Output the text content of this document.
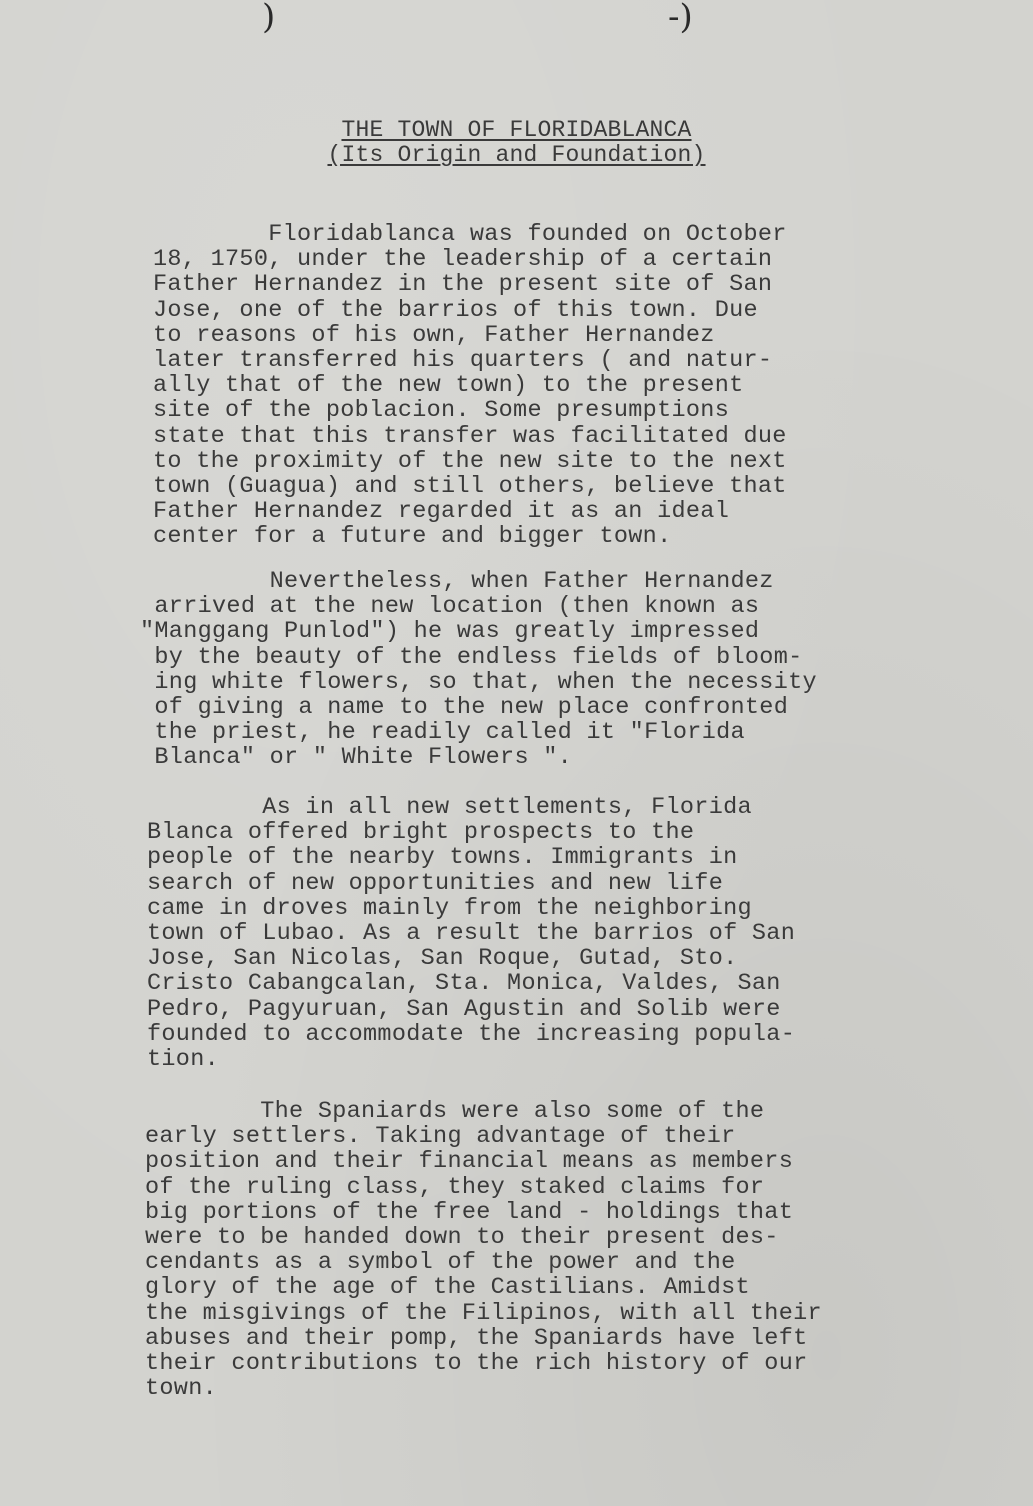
)	‐)
THE TOWN OF FLORIDABLANCA
(Its Origin and Foundation)

Floridablanca was founded on October
18, 1750, under the leadership of a certain
Father Hernandez in the present site of San
Jose, one of the barrios of this town. Due
to reasons of his own, Father Hernandez
later transferred his quarters ( and natur-
ally that of the new town) to the present
site of the poblacion. Some presumptions
state that this transfer was facilitated due
to the proximity of the new site to the next
town (Guagua) and still others, believe that
Father Hernandez regarded it as an ideal
center for a future and bigger town.

Nevertheless, when Father Hernandez
arrived at the new location (then known as
"Manggang Punlod") he was greatly impressed
by the beauty of the endless fields of bloom-
ing white flowers, so that, when the necessity
of giving a name to the new place confronted
the priest, he readily called it "Florida
Blanca" or " White Flowers ".

As in all new settlements, Florida
Blanca offered bright prospects to the
people of the nearby towns. Immigrants in
search of new opportunities and new life
came in droves mainly from the neighboring
town of Lubao. As a result the barrios of San
Jose, San Nicolas, San Roque, Gutad, Sto.
Cristo Cabangcalan, Sta. Monica, Valdes, San
Pedro, Pagyuruan, San Agustin and Solib were
founded to accommodate the increasing popula-
tion.

The Spaniards were also some of the
early settlers. Taking advantage of their
position and their financial means as members
of the ruling class, they staked claims for
big portions of the free land - holdings that
were to be handed down to their present des-
cendants as a symbol of the power and the
glory of the age of the Castilians. Amidst
the misgivings of the Filipinos, with all their
abuses and their pomp, the Spaniards have left
their contributions to the rich history of our
town.
